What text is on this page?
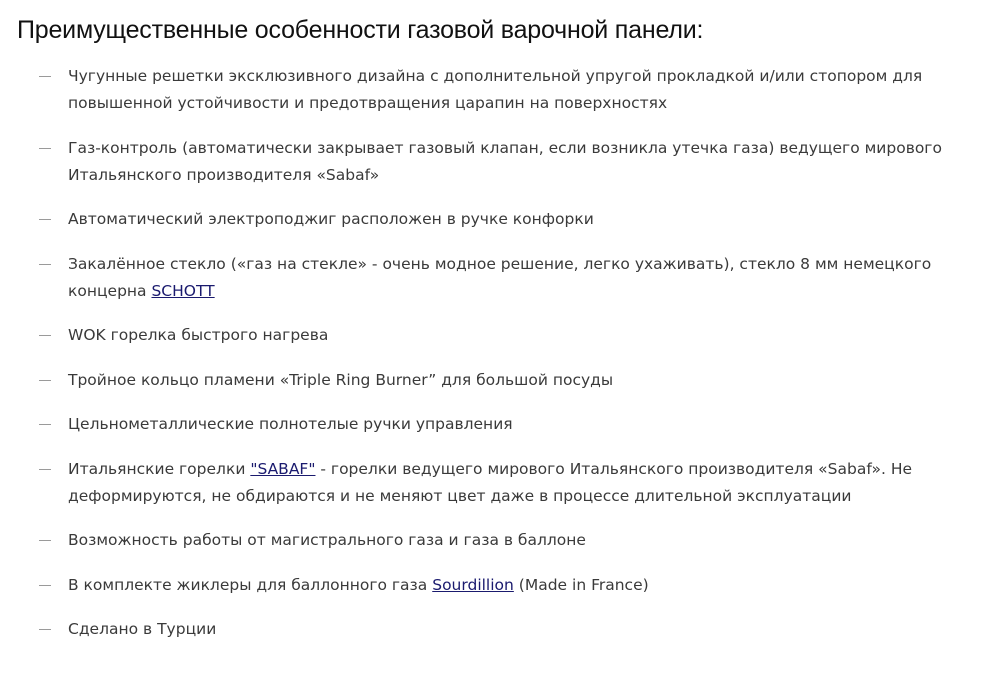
Преимущественные особенности газовой варочной панели:
Чугунные решетки эксклюзивного дизайна с дополнительной упругой прокладкой и/или стопором для повышенной устойчивости и предотвращения царапин на поверхностях
Газ-контроль (автоматически закрывает газовый клапан, если возникла утечка газа) ведущего мирового Итальянского производителя «Sabaf»
Автоматический электроподжиг расположен в ручке конфорки
Закалённое стекло («газ на стекле» - очень модное решение, легко ухаживать), стекло 8 мм немецкого концерна SCHOTT
WOK горелка быстрого нагрева
Тройное кольцо пламени «Triple Ring Burner” для большой посуды
Цельнометаллические полнотелые ручки управления
Итальянские горелки "SABAF" - горелки ведущего мирового Итальянского производителя «Sabaf». Не деформируются, не обдираются и не меняют цвет даже в процессе длительной эксплуатации
Возможность работы от магистрального газа и газа в баллоне
В комплекте жиклеры для баллонного газа Sourdillion (Made in France)
Сделано в Турции
